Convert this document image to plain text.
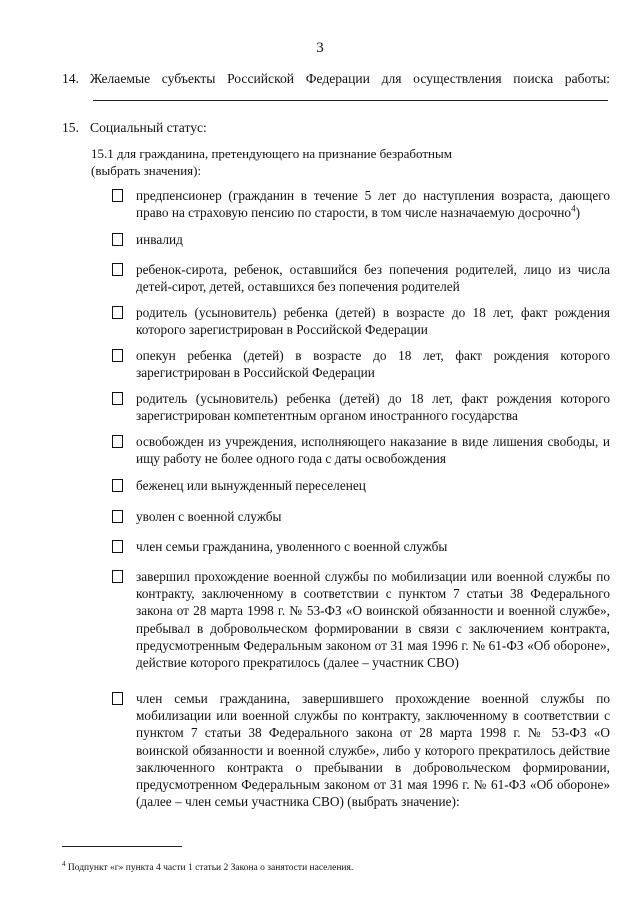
3
14. Желаемые субъекты Российской Федерации для осуществления поиска работы:
15. Социальный статус:
15.1 для гражданина, претендующего на признание безработным
(выбрать значения):
предпенсионер (гражданин в течение 5 лет до наступления возраста, дающего право на страховую пенсию по старости, в том числе назначаемую досрочно$^4$)
инвалид
ребенок-сирота, ребенок, оставшийся без попечения родителей, лицо из числа детей-сирот, детей, оставшихся без попечения родителей
родитель (усыновитель) ребенка (детей) в возрасте до 18 лет, факт рождения которого зарегистрирован в Российской Федерации
опекун ребенка (детей) в возрасте до 18 лет, факт рождения которого зарегистрирован в Российской Федерации
родитель (усыновитель) ребенка (детей) до 18 лет, факт рождения которого зарегистрирован компетентным органом иностранного государства
освобожден из учреждения, исполняющего наказание в виде лишения свободы, и ищу работу не более одного года с даты освобождения
беженец или вынужденный переселенец
уволен с военной службы
член семьи гражданина, уволенного с военной службы
завершил прохождение военной службы по мобилизации или военной службы по контракту, заключенному в соответствии с пунктом 7 статьи 38 Федерального закона от 28 марта 1998 г. № 53-ФЗ «О воинской обязанности и военной службе», пребывал в добровольческом формировании в связи с заключением контракта, предусмотренным Федеральным законом от 31 мая 1996 г. № 61-ФЗ «Об обороне», действие которого прекратилось (далее – участник СВО)
член семьи гражданина, завершившего прохождение военной службы по мобилизации или военной службы по контракту, заключенному в соответствии с пунктом 7 статьи 38 Федерального закона от 28 марта 1998 г. № 53-ФЗ «О воинской обязанности и военной службе», либо у которого прекратилось действие заключенного контракта о пребывании в добровольческом формировании, предусмотренном Федеральным законом от 31 мая 1996 г. № 61-ФЗ «Об обороне» (далее – член семьи участника СВО) (выбрать значение):
$^4$ Подпункт «г» пункта 4 части 1 статьи 2 Закона о занятости населения.
